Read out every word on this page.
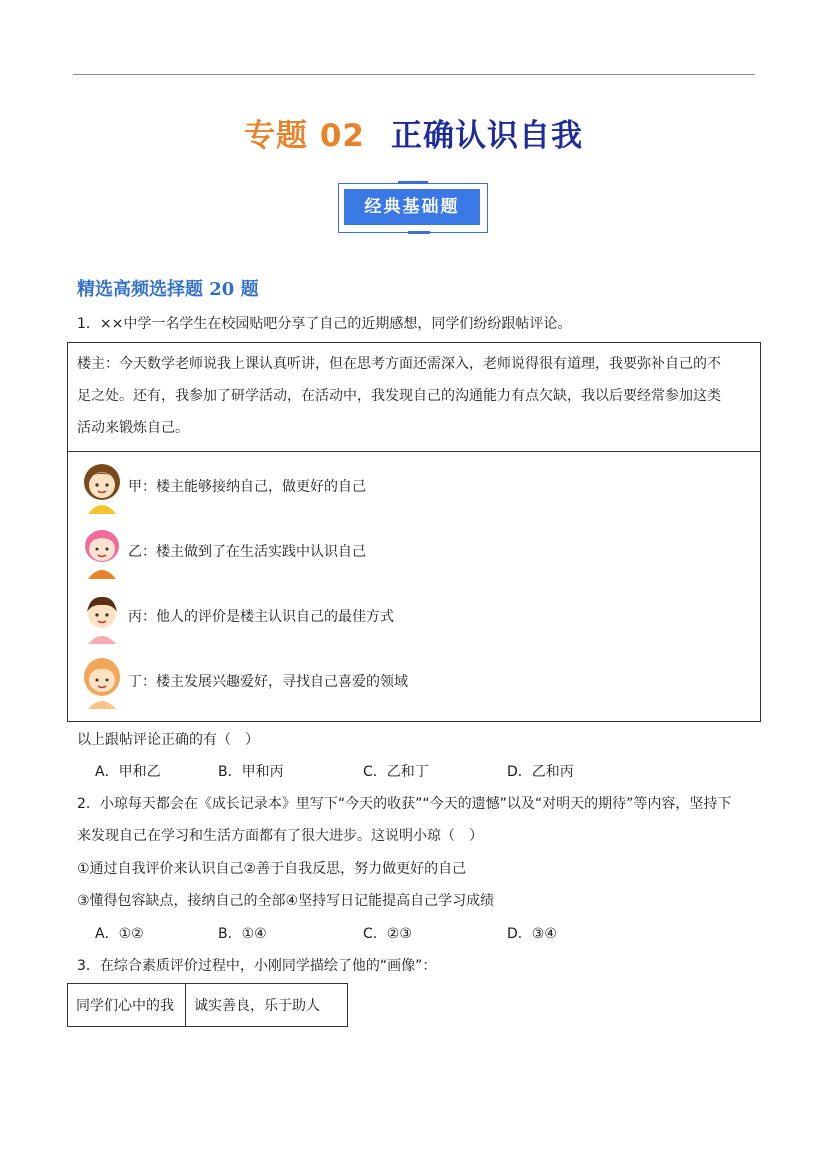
专题 02 正确认识自我
经典基础题
精选高频选择题 20 题
1．××中学一名学生在校园贴吧分享了自己的近期感想，同学们纷纷跟帖评论。

楼主：今天数学老师说我上课认真听讲，但在思考方面还需深入，老师说得很有道理，我要弥补自己的不

足之处。还有，我参加了研学活动，在活动中，我发现自己的沟通能力有点欠缺，我以后要经常参加这类

活动来锻炼自己。

甲：楼主能够接纳自己，做更好的自己
乙：楼主做到了在生活实践中认识自己
丙：他人的评价是楼主认识自己的最佳方式
丁：楼主发展兴趣爱好，寻找自己喜爱的领域
以上跟帖评论正确的有（　）
A．甲和乙	B．甲和丙	C．乙和丁	D．乙和丙
2．小琼每天都会在《成长记录本》里写下“今天的收获”“今天的遗憾”以及“对明天的期待”等内容，坚持下
来发现自己在学习和生活方面都有了很大进步。这说明小琼（　）
①通过自我评价来认识自己②善于自我反思，努力做更好的自己
③懂得包容缺点，接纳自己的全部④坚持写日记能提高自己学习成绩
A．①②	B．①④	C．②③	D．③④
3．在综合素质评价过程中，小刚同学描绘了他的“画像”：
同学们心中的我	诚实善良，乐于助人
